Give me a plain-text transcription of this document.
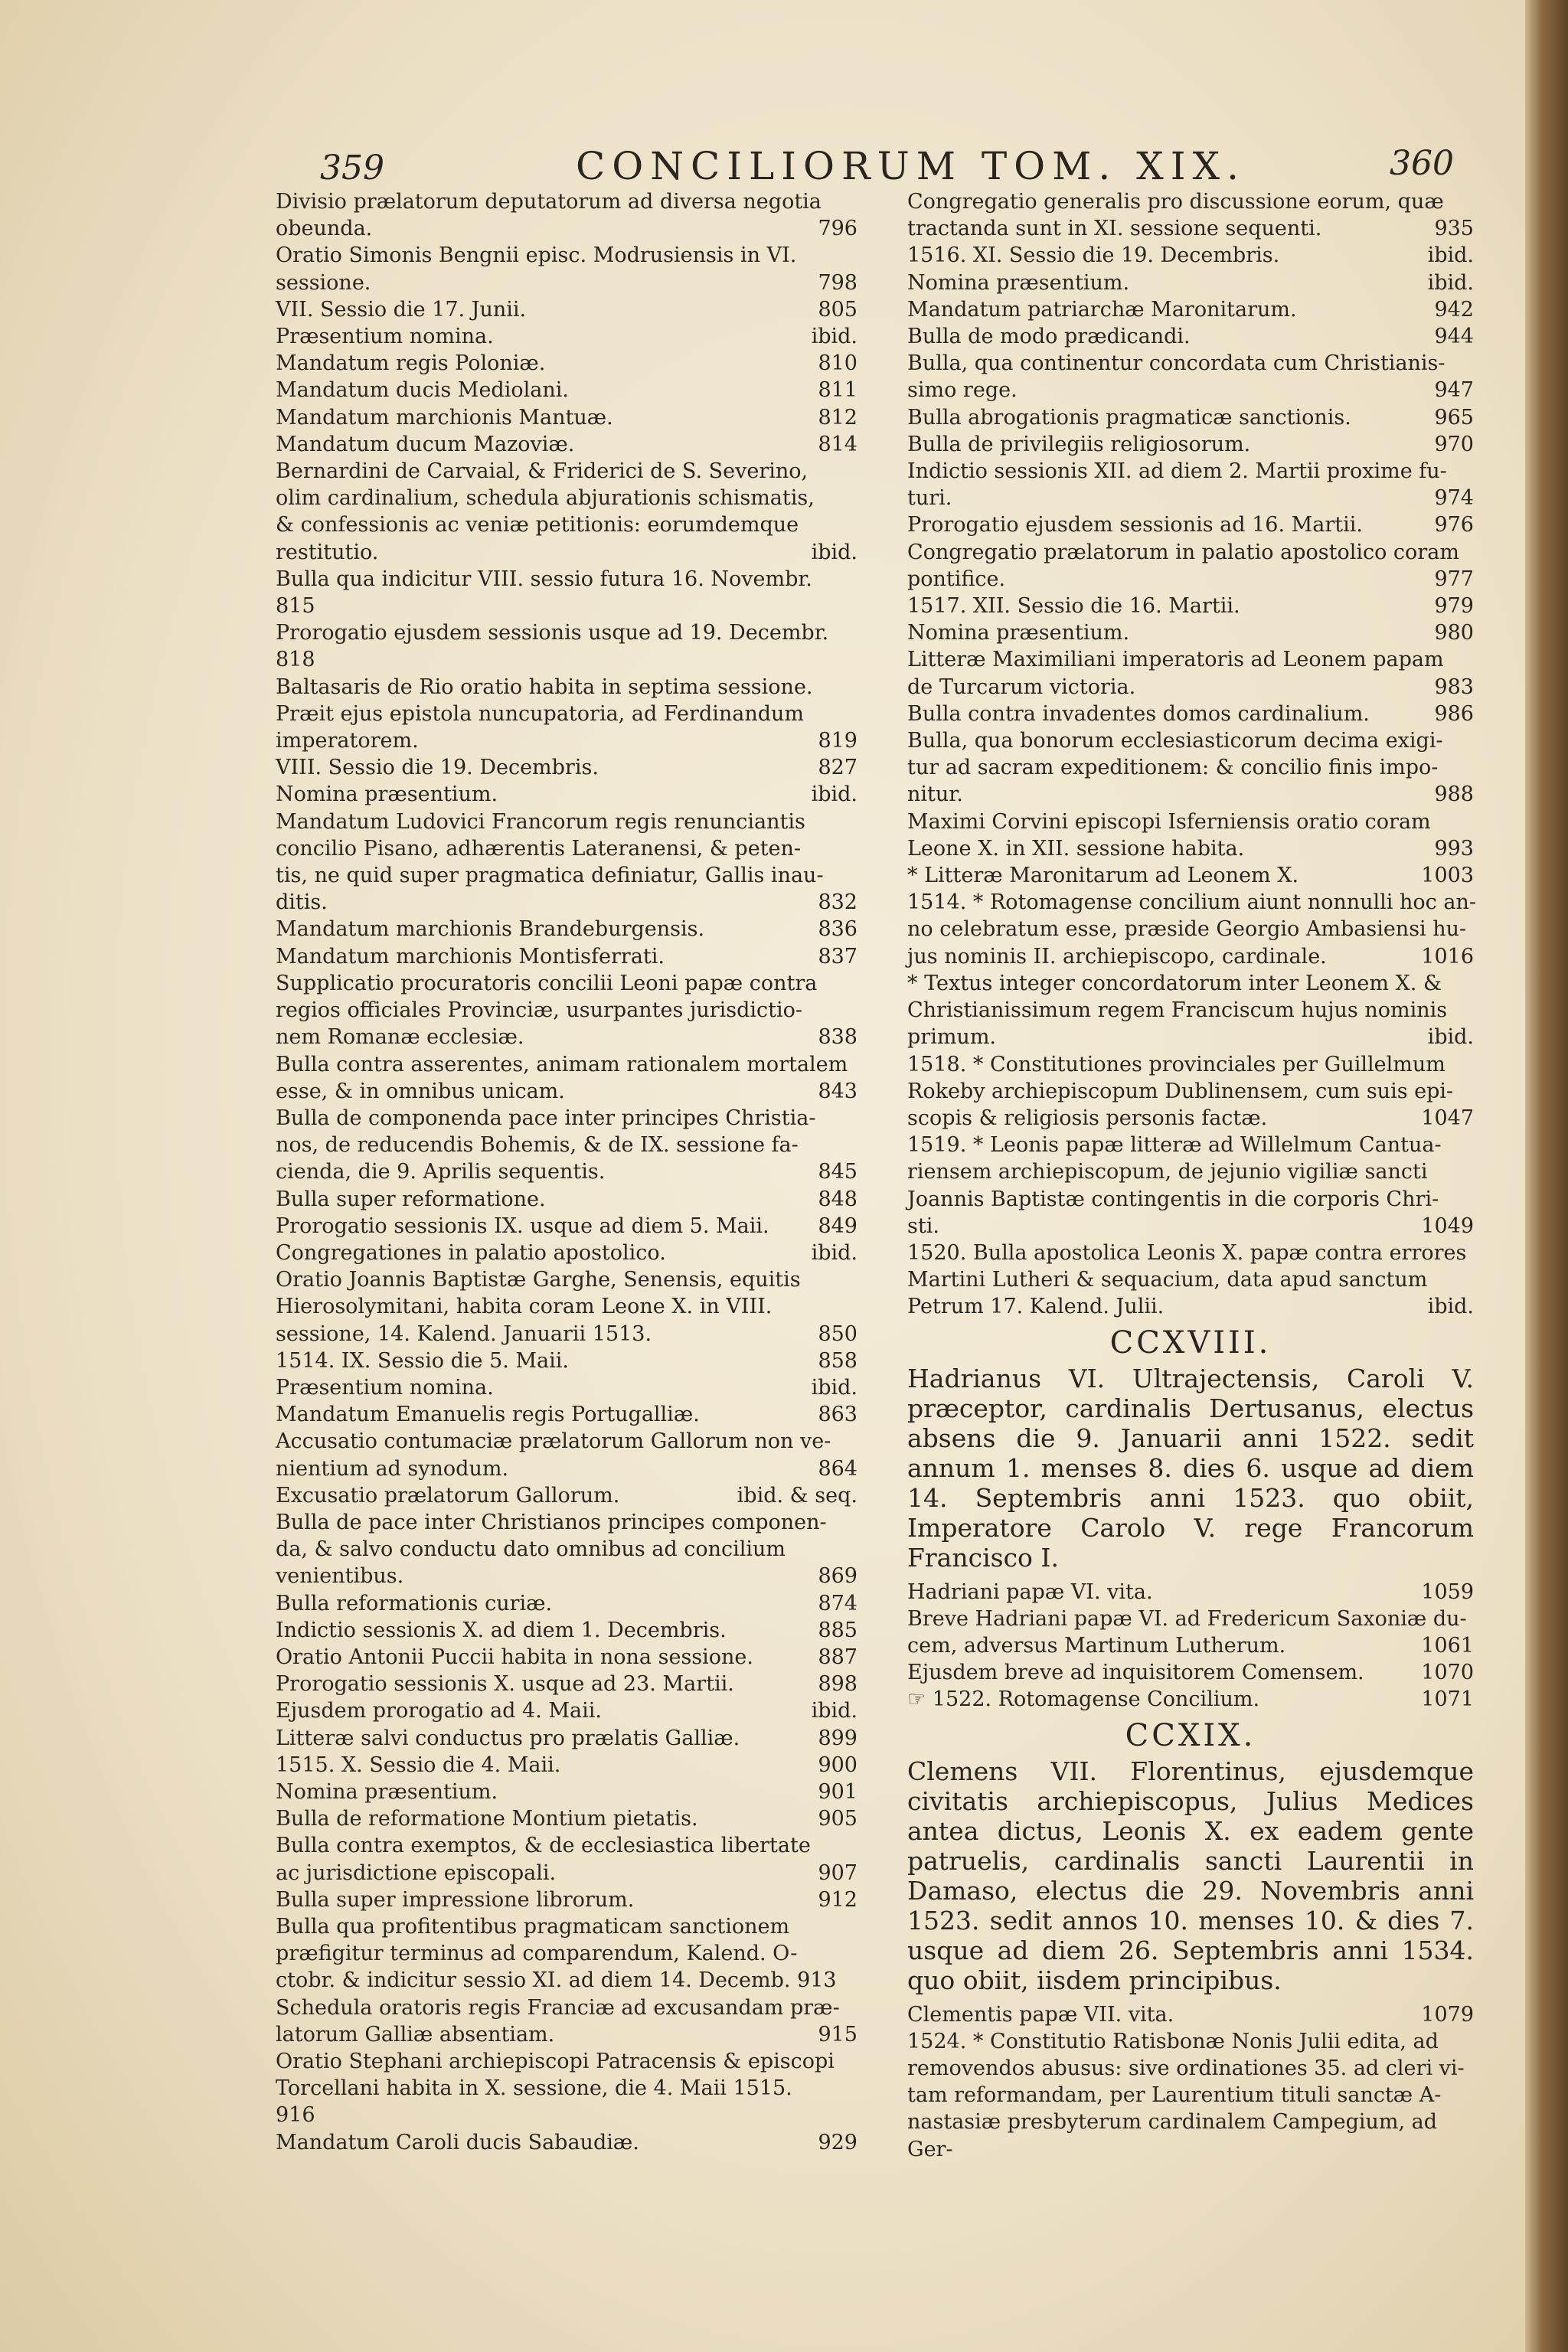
359	CONCILIORUM TOM. XIX.	360
Divisio prælatorum deputatorum ad diversa negotia
obeunda.	796
Oratio Simonis Bengnii episc. Modrusiensis in VI.
sessione.	798
VII. Sessio die 17. Junii.	805
Præsentium nomina.	ibid.
Mandatum regis Poloniæ.	810
Mandatum ducis Mediolani.	811
Mandatum marchionis Mantuæ.	812
Mandatum ducum Mazoviæ.	814
Bernardini de Carvaial, & Friderici de S. Severino,
olim cardinalium, schedula abjurationis schismatis,
& confessionis ac veniæ petitionis: eorumdemque
restitutio.	ibid.
Bulla qua indicitur VIII. sessio futura 16. Novembr.
815
Prorogatio ejusdem sessionis usque ad 19. Decembr.
818
Baltasaris de Rio oratio habita in septima sessione.
Præit ejus epistola nuncupatoria, ad Ferdinandum
imperatorem.	819
VIII. Sessio die 19. Decembris.	827
Nomina præsentium.	ibid.
Mandatum Ludovici Francorum regis renunciantis
concilio Pisano, adhærentis Lateranensi, & peten-
tis, ne quid super pragmatica definiatur, Gallis inau-
ditis.	832
Mandatum marchionis Brandeburgensis.	836
Mandatum marchionis Montisferrati.	837
Supplicatio procuratoris concilii Leoni papæ contra
regios officiales Provinciæ, usurpantes jurisdictio-
nem Romanæ ecclesiæ.	838
Bulla contra asserentes, animam rationalem mortalem
esse, & in omnibus unicam.	843
Bulla de componenda pace inter principes Christia-
nos, de reducendis Bohemis, & de IX. sessione fa-
cienda, die 9. Aprilis sequentis.	845
Bulla super reformatione.	848
Prorogatio sessionis IX. usque ad diem 5. Maii.	849
Congregationes in palatio apostolico.	ibid.
Oratio Joannis Baptistæ Garghe, Senensis, equitis
Hierosolymitani, habita coram Leone X. in VIII.
sessione, 14. Kalend. Januarii 1513.	850
1514. IX. Sessio die 5. Maii.	858
Præsentium nomina.	ibid.
Mandatum Emanuelis regis Portugalliæ.	863
Accusatio contumaciæ prælatorum Gallorum non ve-
nientium ad synodum.	864
Excusatio prælatorum Gallorum.	ibid. & seq.
Bulla de pace inter Christianos principes componen-
da, & salvo conductu dato omnibus ad concilium
venientibus.	869
Bulla reformationis curiæ.	874
Indictio sessionis X. ad diem 1. Decembris.	885
Oratio Antonii Puccii habita in nona sessione.	887
Prorogatio sessionis X. usque ad 23. Martii.	898
Ejusdem prorogatio ad 4. Maii.	ibid.
Litteræ salvi conductus pro prælatis Galliæ.	899
1515. X. Sessio die 4. Maii.	900
Nomina præsentium.	901
Bulla de reformatione Montium pietatis.	905
Bulla contra exemptos, & de ecclesiastica libertate
ac jurisdictione episcopali.	907
Bulla super impressione librorum.	912
Bulla qua profitentibus pragmaticam sanctionem
præfigitur terminus ad comparendum, Kalend. O-
ctobr. & indicitur sessio XI. ad diem 14. Decemb. 913
Schedula oratoris regis Franciæ ad excusandam præ-
latorum Galliæ absentiam.	915
Oratio Stephani archiepiscopi Patracensis & episcopi
Torcellani habita in X. sessione, die 4. Maii 1515.
916
Mandatum Caroli ducis Sabaudiæ.	929
Congregatio generalis pro discussione eorum, quæ
tractanda sunt in XI. sessione sequenti.	935
1516. XI. Sessio die 19. Decembris.	ibid.
Nomina præsentium.	ibid.
Mandatum patriarchæ Maronitarum.	942
Bulla de modo prædicandi.	944
Bulla, qua continentur concordata cum Christianis-
simo rege.	947
Bulla abrogationis pragmaticæ sanctionis.	965
Bulla de privilegiis religiosorum.	970
Indictio sessionis XII. ad diem 2. Martii proxime fu-
turi.	974
Prorogatio ejusdem sessionis ad 16. Martii.	976
Congregatio prælatorum in palatio apostolico coram
pontifice.	977
1517. XII. Sessio die 16. Martii.	979
Nomina præsentium.	980
Litteræ Maximiliani imperatoris ad Leonem papam
de Turcarum victoria.	983
Bulla contra invadentes domos cardinalium.	986
Bulla, qua bonorum ecclesiasticorum decima exigi-
tur ad sacram expeditionem: & concilio finis impo-
nitur.	988
Maximi Corvini episcopi Isferniensis oratio coram
Leone X. in XII. sessione habita.	993
* Litteræ Maronitarum ad Leonem X.	1003
1514. * Rotomagense concilium aiunt nonnulli hoc an-
no celebratum esse, præside Georgio Ambasiensi hu-
jus nominis II. archiepiscopo, cardinale.	1016
* Textus integer concordatorum inter Leonem X. &
Christianissimum regem Franciscum hujus nominis
primum.	ibid.
1518. * Constitutiones provinciales per Guillelmum
Rokeby archiepiscopum Dublinensem, cum suis epi-
scopis & religiosis personis factæ.	1047
1519. * Leonis papæ litteræ ad Willelmum Cantua-
riensem archiepiscopum, de jejunio vigiliæ sancti
Joannis Baptistæ contingentis in die corporis Chri-
sti.	1049
1520. Bulla apostolica Leonis X. papæ contra errores
Martini Lutheri & sequacium, data apud sanctum
Petrum 17. Kalend. Julii.	ibid.
CCXVIII.
Hadrianus VI. Ultrajectensis, Caroli V. præceptor, cardinalis Dertusanus, electus absens die 9. Januarii anni 1522. sedit annum 1. menses 8. dies 6. usque ad diem 14. Septembris anni 1523. quo obiit, Imperatore Carolo V. rege Francorum Francisco I.
Hadriani papæ VI. vita.	1059
Breve Hadriani papæ VI. ad Fredericum Saxoniæ du-
cem, adversus Martinum Lutherum.	1061
Ejusdem breve ad inquisitorem Comensem.	1070
☞ 1522. Rotomagense Concilium.	1071
CCXIX.
Clemens VII. Florentinus, ejusdemque civitatis archiepiscopus, Julius Medices antea dictus, Leonis X. ex eadem gente patruelis, cardinalis sancti Laurentii in Damaso, electus die 29. Novembris anni 1523. sedit annos 10. menses 10. & dies 7. usque ad diem 26. Septembris anni 1534. quo obiit, iisdem principibus.
Clementis papæ VII. vita.	1079
1524. * Constitutio Ratisbonæ Nonis Julii edita, ad
removendos abusus: sive ordinationes 35. ad cleri vi-
tam reformandam, per Laurentium tituli sanctæ A-
nastasiæ presbyterum cardinalem Campegium, ad
Ger-
